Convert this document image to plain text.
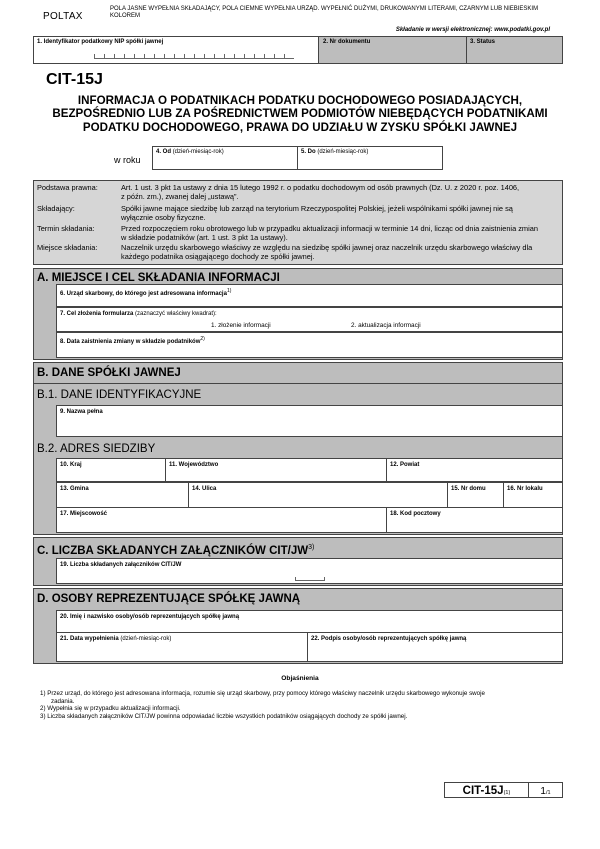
POLTAX
POLA JASNE WYPEŁNIA SKŁADAJĄCY, POLA CIEMNE WYPEŁNIA URZĄD. WYPEŁNIĆ DUŻYMI, DRUKOWANYMI LITERAMI, CZARNYM LUB NIEBIESKIM KOLOREM
Składanie w wersji elektronicznej: www.podatki.gov.pl
1. Identyfikator podatkowy NIP spółki jawnej	2. Nr dokumentu	3. Status
CIT-15J
INFORMACJA O PODATNIKACH PODATKU DOCHODOWEGO POSIADAJĄCYCH,
BEZPOŚREDNIO LUB ZA POŚREDNICTWEM PODMIOTÓW NIEBĘDĄCYCH PODATNIKAMI
PODATKU DOCHODOWEGO, PRAWA DO UDZIAŁU W ZYSKU SPÓŁKI JAWNEJ
w roku
4. Od (dzień-miesiąc-rok)	5. Do (dzień-miesiąc-rok)
Podstawa prawna:	Art. 1 ust. 3 pkt 1a ustawy z dnia 15 lutego 1992 r. o podatku dochodowym od osób prawnych (Dz. U. z 2020 r. poz. 1406,
z późn. zm.), zwanej dalej „ustawą”.
Składający:	Spółki jawne mające siedzibę lub zarząd na terytorium Rzeczypospolitej Polskiej, jeżeli wspólnikami spółki jawnej nie są
wyłącznie osoby fizyczne.
Termin składania:	Przed rozpoczęciem roku obrotowego lub w przypadku aktualizacji informacji w terminie 14 dni, licząc od dnia zaistnienia zmian
w składzie podatników (art. 1 ust. 3 pkt 1a ustawy).
Miejsce składania:	Naczelnik urzędu skarbowego właściwy ze względu na siedzibę spółki jawnej oraz naczelnik urzędu skarbowego właściwy dla
każdego podatnika osiągającego dochody ze spółki jawnej.
A. MIEJSCE I CEL SKŁADANIA INFORMACJI
6. Urząd skarbowy, do którego jest adresowana informacja$^{1)}$
7. Cel złożenia formularza (zaznaczyć właściwy kwadrat):
1. złożenie informacji	2. aktualizacja informacji
8. Data zaistnienia zmiany w składzie podatników$^{2)}$
B. DANE SPÓŁKI JAWNEJ
B.1. DANE IDENTYFIKACYJNE
9. Nazwa pełna
B.2. ADRES SIEDZIBY
10. Kraj	11. Województwo	12. Powiat
13. Gmina	14. Ulica	15. Nr domu	16. Nr lokalu
17. Miejscowość	18. Kod pocztowy
C. LICZBA SKŁADANYCH ZAŁĄCZNIKÓW CIT/JW$^{3)}$
19. Liczba składanych załączników CIT/JW
D. OSOBY REPREZENTUJĄCE SPÓŁKĘ JAWNĄ
20. Imię i nazwisko osoby/osób reprezentujących spółkę jawną
21. Data wypełnienia (dzień-miesiąc-rok)	22. Podpis osoby/osób reprezentujących spółkę jawną
Objaśnienia
1) Przez urząd, do którego jest adresowana informacja, rozumie się urząd skarbowy, przy pomocy którego właściwy naczelnik urzędu skarbowego wykonuje swoje
zadania.
2) Wypełnia się w przypadku aktualizacji informacji.
3) Liczba składanych załączników CIT/JW powinna odpowiadać liczbie wszystkich podatników osiągających dochody ze spółki jawnej.
CIT-15J(1)	1/1
